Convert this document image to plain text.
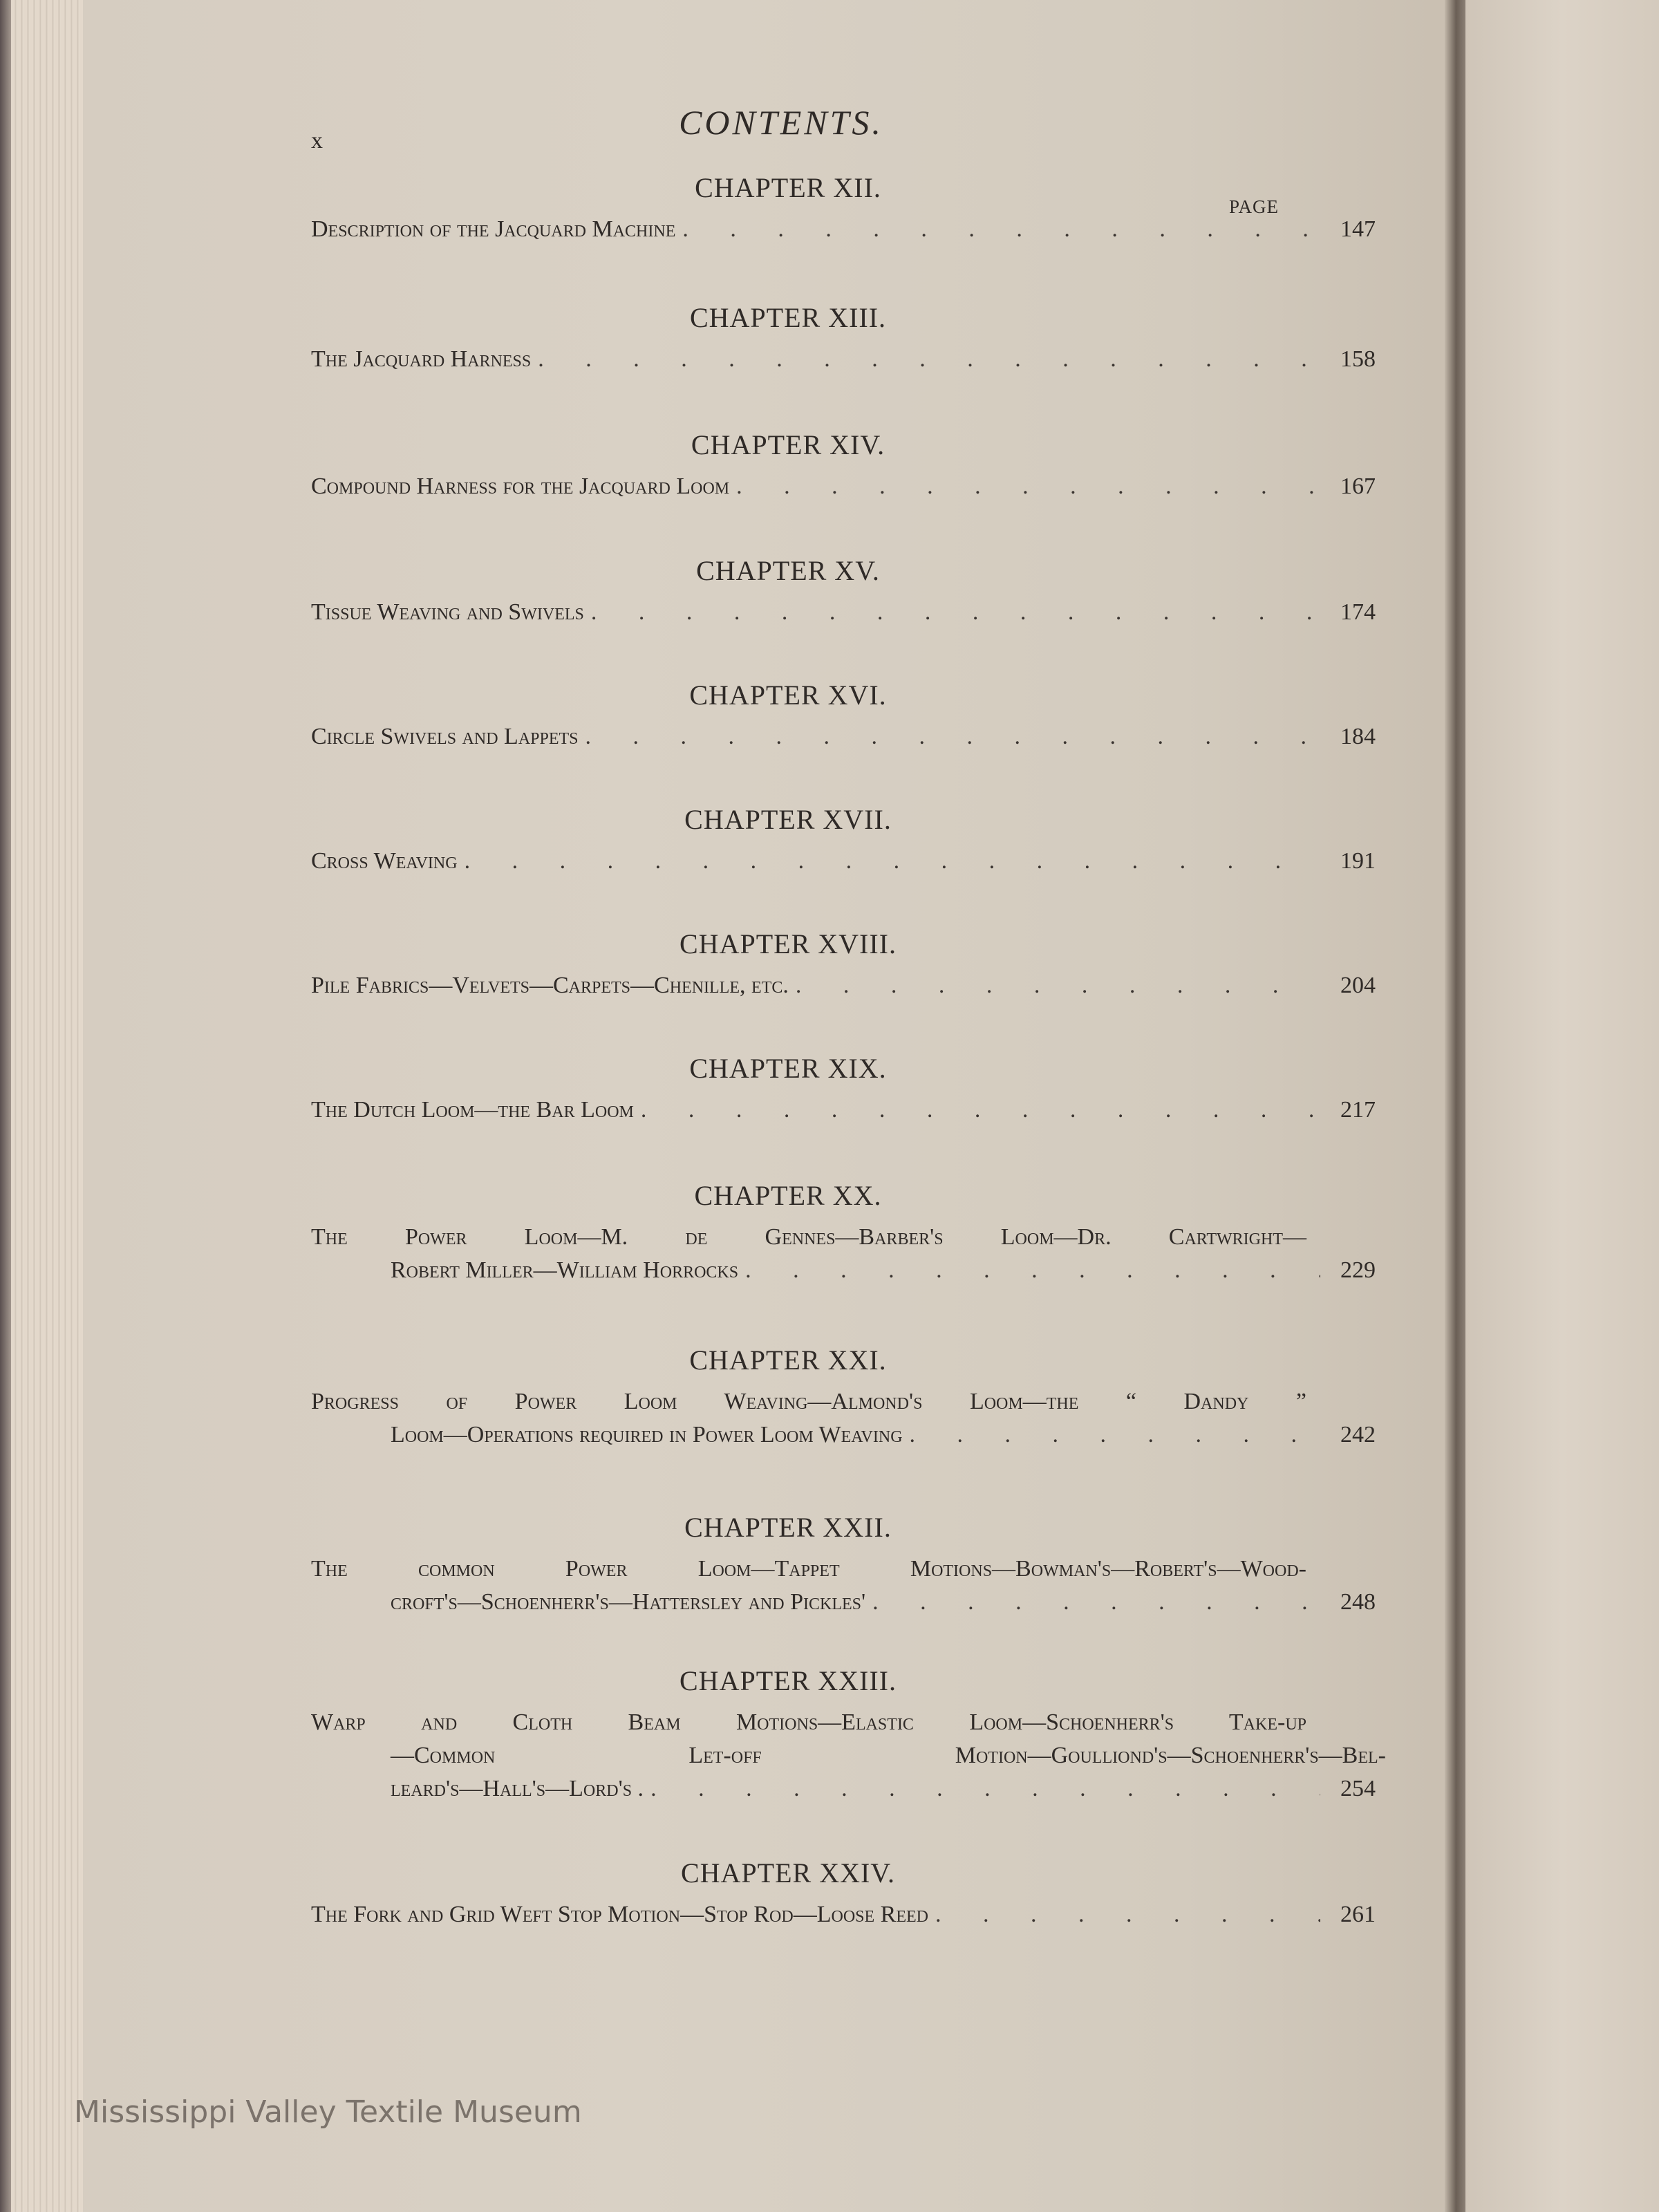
x	CONTENTS.
PAGE
CHAPTER XII.
Description of the Jacquard Machine . . .	147
CHAPTER XIII.
The Jacquard Harness . . .	158
CHAPTER XIV.
Compound Harness for the Jacquard Loom . . .	167
CHAPTER XV.
Tissue Weaving and Swivels . . .	174
CHAPTER XVI.
Circle Swivels and Lappets . . .	184
CHAPTER XVII.
Cross Weaving . . .	191
CHAPTER XVIII.
Pile Fabrics—Velvets—Carpets—Chenille, etc. . . .	204
CHAPTER XIX.
The Dutch Loom—the Bar Loom . . .	217
CHAPTER XX.
The Power Loom—M. de Gennes—Barber's Loom—Dr. Cartwright—
Robert Miller—William Horrocks . . .	229
CHAPTER XXI.
Progress of Power Loom Weaving—Almond's Loom—the “ Dandy ”
Loom—Operations required in Power Loom Weaving . . .	242
CHAPTER XXII.
The common Power Loom—Tappet Motions—Bowman's—Robert's—Wood-
croft's—Schoenherr's—Hattersley and Pickles' . . .	248
CHAPTER XXIII.
Warp and Cloth Beam Motions—Elastic Loom—Schoenherr's Take-up
—Common Let-off Motion—Goulliond's—Schoenherr's—Bel-
leard's—Hall's—Lord's . . . .	254
CHAPTER XXIV.
The Fork and Grid Weft Stop Motion—Stop Rod—Loose Reed . . .	261
Mississippi Valley Textile Museum
